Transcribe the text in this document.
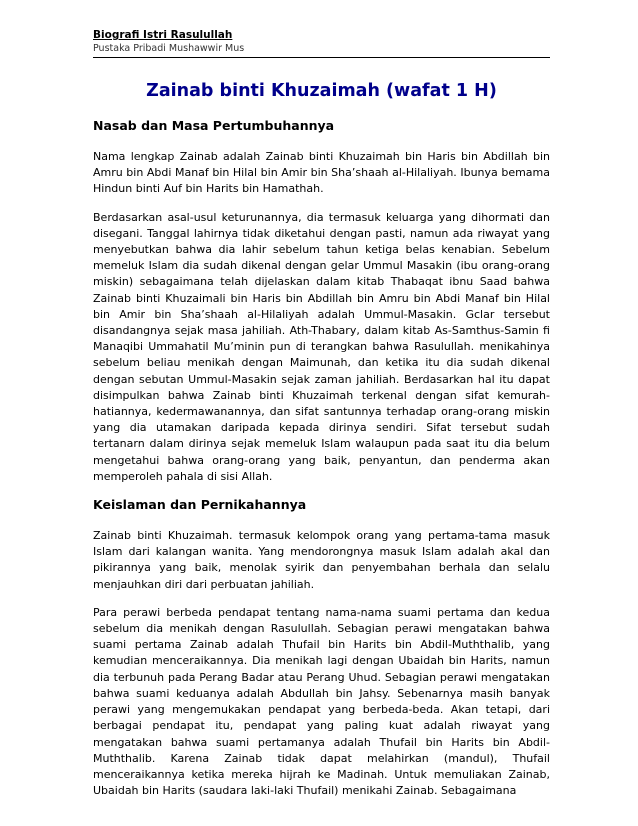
Biografi Istri Rasulullah

Pustaka Pribadi Mushawwir Mus

Zainab binti Khuzaimah (wafat 1 H)
Nasab dan Masa Pertumbuhannya

Nama lengkap Zainab adalah Zainab binti Khuzaimah bin Haris bin Abdillah bin Amru bin Abdi Manaf bin Hilal bin Amir bin Sha’shaah al-Hilaliyah. Ibunya bemama Hindun binti Auf bin Harits bin Hamathah.

Berdasarkan asal-usul keturunannya, dia termasuk keluarga yang dihormati dan disegani. Tanggal lahirnya tidak diketahui dengan pasti, namun ada riwayat yang menyebutkan bahwa dia lahir sebelum tahun ketiga belas kenabian. Sebelum memeluk Islam dia sudah dikenal dengan gelar Ummul Masakin (ibu orang-orang miskin) sebagaimana telah dijelaskan dalam kitab Thabaqat ibnu Saad bahwa Zainab binti Khuzaimali bin Haris bin Abdillah bin Amru bin Abdi Manaf bin Hilal bin Amir bin Sha’shaah al-Hilaliyah adalah Ummul-Masakin. Gclar tersebut disandangnya sejak masa jahiliah. Ath-Thabary, dalam kitab As-Samthus-Samin fi Manaqibi Ummahatil Mu’minin pun di terangkan bahwa Rasulullah. menikahinya sebelum beliau menikah dengan Maimunah, dan ketika itu dia sudah dikenal dengan sebutan Ummul-Masakin sejak zaman jahiliah. Berdasarkan hal itu dapat disimpulkan bahwa Zainab binti Khuzaimah terkenal dengan sifat kemurah-hatiannya, kedermawanannya, dan sifat santunnya terhadap orang-orang miskin yang dia utamakan daripada kepada dirinya sendiri. Sifat tersebut sudah tertanarn dalam dirinya sejak memeluk Islam walaupun pada saat itu dia belum mengetahui bahwa orang-orang yang baik, penyantun, dan penderma akan memperoleh pahala di sisi Allah.

Keislaman dan Pernikahannya

Zainab binti Khuzaimah. termasuk kelompok orang yang pertama-tama masuk Islam dari kalangan wanita. Yang mendorongnya masuk Islam adalah akal dan pikirannya yang baik, menolak syirik dan penyembahan berhala dan selalu menjauhkan diri dari perbuatan jahiliah.

Para perawi berbeda pendapat tentang nama-nama suami pertama dan kedua sebelum dia menikah dengan Rasulullah. Sebagian perawi mengatakan bahwa suami pertama Zainab adalah Thufail bin Harits bin Abdil-Muththalib, yang kemudian menceraikannya. Dia menikah lagi dengan Ubaidah bin Harits, namun dia terbunuh pada Perang Badar atau Perang Uhud. Sebagian perawi mengatakan bahwa suami keduanya adalah Abdullah bin Jahsy. Sebenarnya masih banyak perawi yang mengemukakan pendapat yang berbeda-beda. Akan tetapi, dari berbagai pendapat itu, pendapat yang paling kuat adalah riwayat yang mengatakan bahwa suami pertamanya adalah Thufail bin Harits bin Abdil-Muththalib. Karena Zainab tidak dapat melahirkan (mandul), Thufail menceraikannya ketika mereka hijrah ke Madinah. Untuk memuliakan Zainab, Ubaidah bin Harits (saudara laki-laki Thufail) menikahi Zainab. Sebagaimana
